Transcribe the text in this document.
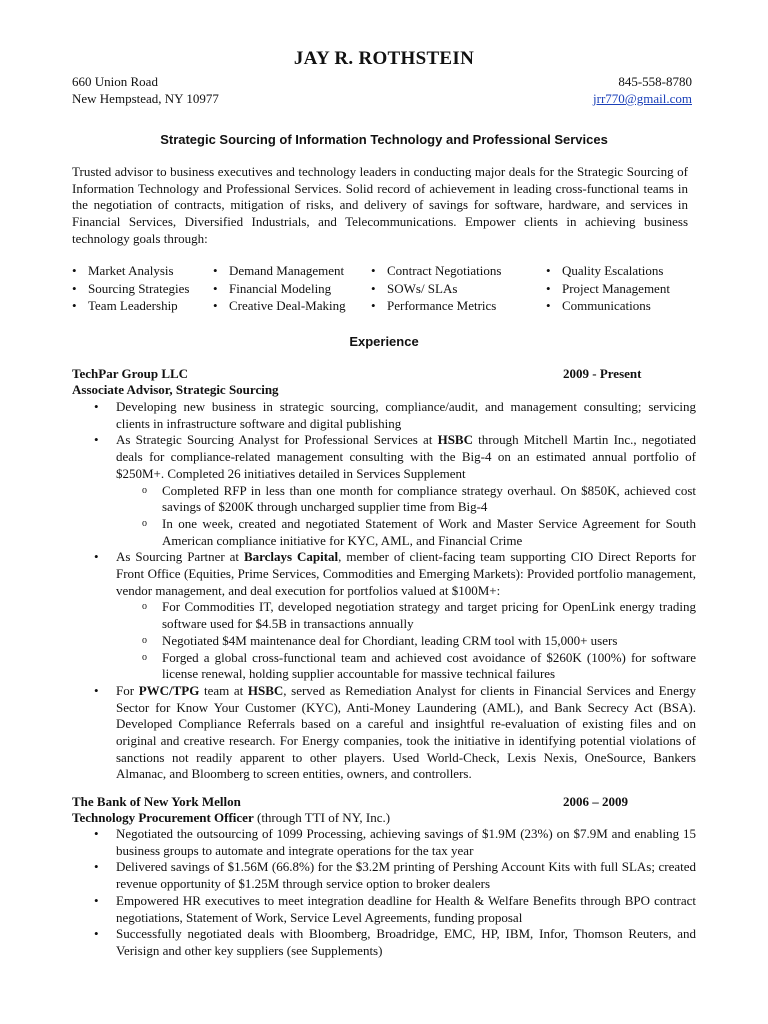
JAY R. ROTHSTEIN
660 Union Road
New Hempstead, NY 10977
845-558-8780
jrr770@gmail.com
Strategic Sourcing of Information Technology and Professional Services
Trusted advisor to business executives and technology leaders in conducting major deals for the Strategic Sourcing of Information Technology and Professional Services. Solid record of achievement in leading cross-functional teams in the negotiation of contracts, mitigation of risks, and delivery of savings for software, hardware, and services in Financial Services, Diversified Industrials, and Telecommunications. Empower clients in achieving business technology goals through:
• Market Analysis
• Sourcing Strategies
• Team Leadership
• Demand Management
• Financial Modeling
• Creative Deal-Making
• Contract Negotiations
• SOWs/ SLAs
• Performance Metrics
• Quality Escalations
• Project Management
• Communications
Experience
TechPar Group LLC	2009 - Present
Associate Advisor, Strategic Sourcing
• Developing new business in strategic sourcing, compliance/audit, and management consulting; servicing clients in infrastructure software and digital publishing
• As Strategic Sourcing Analyst for Professional Services at HSBC through Mitchell Martin Inc., negotiated deals for compliance-related management consulting with the Big-4 on an estimated annual portfolio of $250M+. Completed 26 initiatives detailed in Services Supplement
o Completed RFP in less than one month for compliance strategy overhaul. On $850K, achieved cost savings of $200K through uncharged supplier time from Big-4
o In one week, created and negotiated Statement of Work and Master Service Agreement for South American compliance initiative for KYC, AML, and Financial Crime
• As Sourcing Partner at Barclays Capital, member of client-facing team supporting CIO Direct Reports for Front Office (Equities, Prime Services, Commodities and Emerging Markets): Provided portfolio management, vendor management, and deal execution for portfolios valued at $100M+:
o For Commodities IT, developed negotiation strategy and target pricing for OpenLink energy trading software used for $4.5B in transactions annually
o Negotiated $4M maintenance deal for Chordiant, leading CRM tool with 15,000+ users
o Forged a global cross-functional team and achieved cost avoidance of $260K (100%) for software license renewal, holding supplier accountable for massive technical failures
• For PWC/TPG team at HSBC, served as Remediation Analyst for clients in Financial Services and Energy Sector for Know Your Customer (KYC), Anti-Money Laundering (AML), and Bank Secrecy Act (BSA). Developed Compliance Referrals based on a careful and insightful re-evaluation of existing files and on original and creative research. For Energy companies, took the initiative in identifying potential violations of sanctions not readily apparent to other players. Used World-Check, Lexis Nexis, OneSource, Bankers Almanac, and Bloomberg to screen entities, owners, and controllers.
The Bank of New York Mellon	2006 – 2009
Technology Procurement Officer (through TTI of NY, Inc.)
• Negotiated the outsourcing of 1099 Processing, achieving savings of $1.9M (23%) on $7.9M and enabling 15 business groups to automate and integrate operations for the tax year
• Delivered savings of $1.56M (66.8%) for the $3.2M printing of Pershing Account Kits with full SLAs; created revenue opportunity of $1.25M through service option to broker dealers
• Empowered HR executives to meet integration deadline for Health & Welfare Benefits through BPO contract negotiations, Statement of Work, Service Level Agreements, funding proposal
• Successfully negotiated deals with Bloomberg, Broadridge, EMC, HP, IBM, Infor, Thomson Reuters, and Verisign and other key suppliers (see Supplements)
